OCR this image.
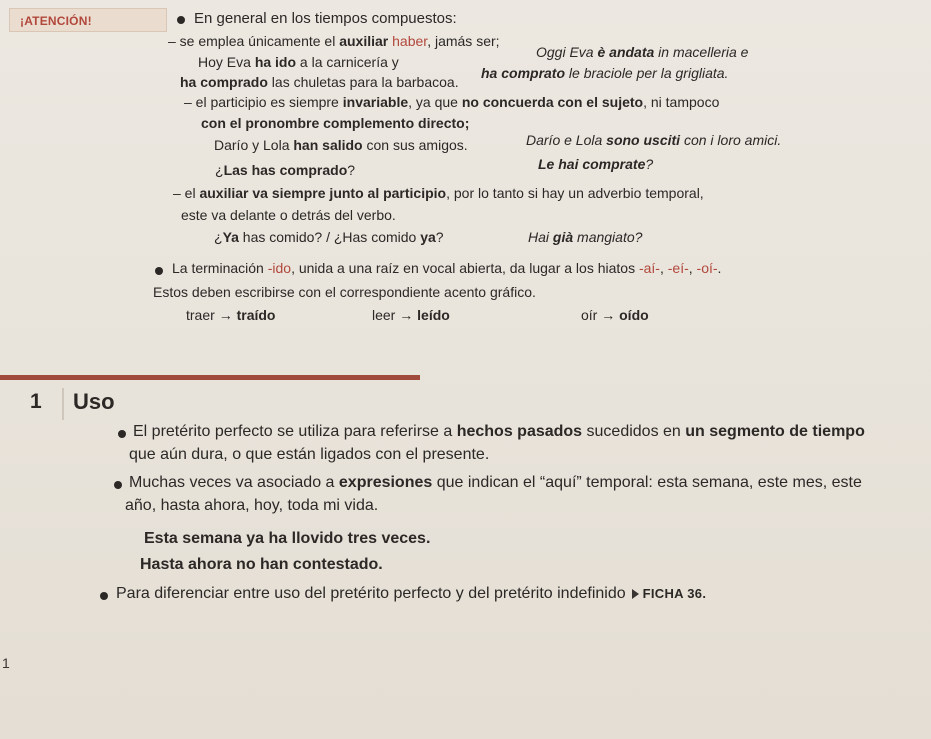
¡ATENCIÓN!	En general en los tiempos compuestos:
– se emplea únicamente el auxiliar haber, jamás ser;
Hoy Eva ha ido a la carnicería y
ha comprado las chuletas para la barbacoa.
Oggi Eva è andata in macelleria e
ha comprato le braciole per la grigliata.
– el participio es siempre invariable, ya que no concuerda con el sujeto, ni tampoco
con el pronombre complemento directo;
Darío y Lola han salido con sus amigos.
¿Las has comprado?
Darío e Lola sono usciti con i loro amici.
Le hai comprate?
– el auxiliar va siempre junto al participio, por lo tanto si hay un adverbio temporal,
este va delante o detrás del verbo.
¿Ya has comido? / ¿Has comido ya?	Hai già mangiato?
La terminación -ido, unida a una raíz en vocal abierta, da lugar a los hiatos -aí-, -eí-, -oí-.
Estos deben escribirse con el correspondiente acento gráfico.
traer → traído	leer → leído	oír → oído
1 Uso
El pretérito perfecto se utiliza para referirse a hechos pasados sucedidos en un segmento de tiempo
que aún dura, o que están ligados con el presente.
Muchas veces va asociado a expresiones que indican el “aquí” temporal: esta semana, este mes, este
año, hasta ahora, hoy, toda mi vida.
Esta semana ya ha llovido tres veces.
Hasta ahora no han contestado.
Para diferenciar entre uso del pretérito perfecto y del pretérito indefinido FICHA 36.
1
